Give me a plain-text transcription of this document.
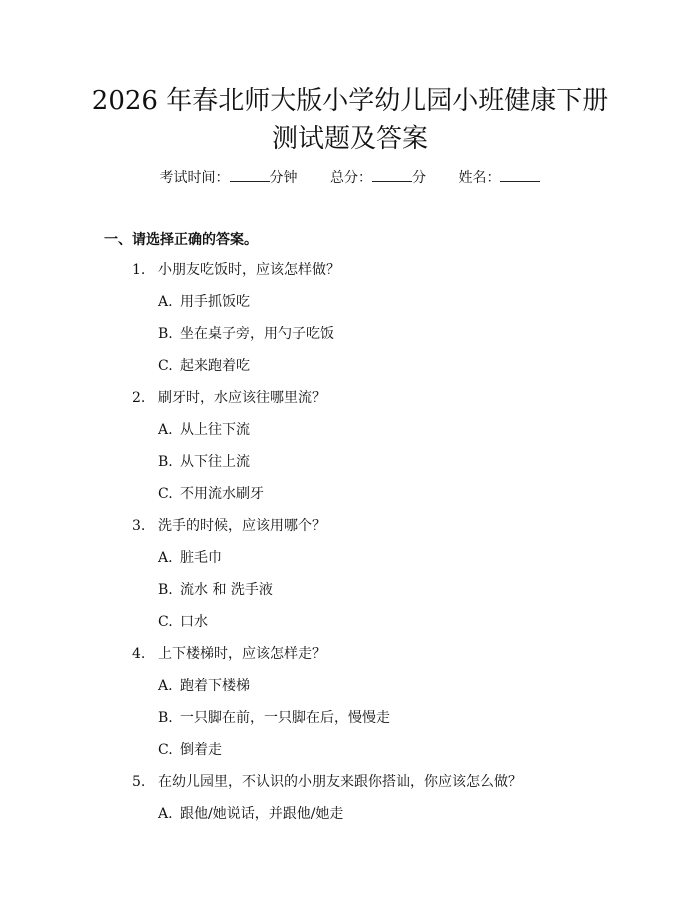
2026 年春北师大版小学幼儿园小班健康下册
测试题及答案
考试时间：	分钟 总分：	分 姓名：
一、请选择正确的答案。
1. 小朋友吃饭时，应该怎样做？
A. 用手抓饭吃
B. 坐在桌子旁，用勺子吃饭
C. 起来跑着吃
2. 刷牙时，水应该往哪里流？
A. 从上往下流
B. 从下往上流
C. 不用流水刷牙
3. 洗手的时候，应该用哪个？
A. 脏毛巾
B. 流水 和 洗手液
C. 口水
4. 上下楼梯时，应该怎样走？
A. 跑着下楼梯
B. 一只脚在前，一只脚在后，慢慢走
C. 倒着走
5. 在幼儿园里，不认识的小朋友来跟你搭讪，你应该怎么做？
A. 跟他/她说话，并跟他/她走
